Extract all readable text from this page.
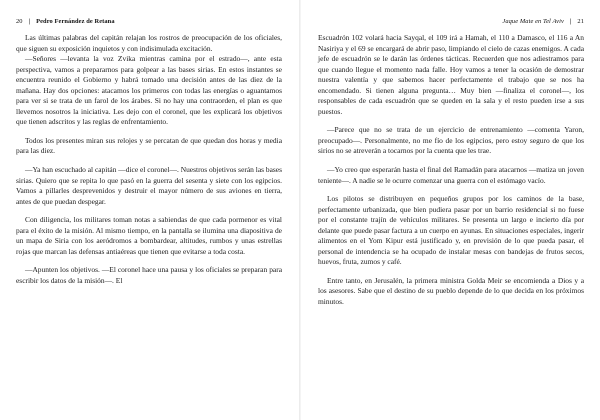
20 | Pedro Fernández de Retana

Las últimas palabras del capitán relajan los rostros de preocupación de los oficiales, que siguen su exposición inquietos y con indisimulada excitación.

—Señores —levanta la voz Zvika mientras camina por el estrado—, ante esta perspectiva, vamos a prepararnos para golpear a las bases sirias. En estos instantes se encuentra reunido el Gobierno y habrá tomado una decisión antes de las diez de la mañana. Hay dos opciones: atacamos los primeros con todas las energías o aguantamos para ver si se trata de un farol de los árabes. Si no hay una contraorden, el plan es que llevemos nosotros la iniciativa. Les dejo con el coronel, que les explicará los objetivos que tienen adscritos y las reglas de enfrentamiento.

Todos los presentes miran sus relojes y se percatan de que quedan dos horas y media para las diez.

—Ya han escuchado al capitán —dice el coronel—. Nuestros objetivos serán las bases sirias. Quiero que se repita lo que pasó en la guerra del sesenta y siete con los egipcios. Vamos a pillarles desprevenidos y destruir el mayor número de sus aviones en tierra, antes de que puedan despegar.

Con diligencia, los militares toman notas a sabiendas de que cada pormenor es vital para el éxito de la misión. Al mismo tiempo, en la pantalla se ilumina una diapositiva de un mapa de Siria con los aeródromos a bombardear, altitudes, rumbos y unas estrellas rojas que marcan las defensas antiaéreas que tienen que evitarse a toda costa.

—Apunten los objetivos. —El coronel hace una pausa y los oficiales se preparan para escribir los datos de la misión—. El

Jaque Mate en Tel Aviv | 21

Escuadrón 102 volará hacia Sayqal, el 109 irá a Hamah, el 110 a Damasco, el 116 a An Nasiriya y el 69 se encargará de abrir paso, limpiando el cielo de cazas enemigos. A cada jefe de escuadrón se le darán las órdenes tácticas. Recuerden que nos adiestramos para que cuando llegue el momento nada falle. Hoy vamos a tener la ocasión de demostrar nuestra valentía y que sabemos hacer perfectamente el trabajo que se nos ha encomendado. Si tienen alguna pregunta… Muy bien —finaliza el coronel—, los responsables de cada escuadrón que se queden en la sala y el resto pueden irse a sus puestos.

—Parece que no se trata de un ejercicio de entrenamiento —comenta Yaron, preocupado—. Personalmente, no me fío de los egipcios, pero estoy seguro de que los sirios no se atreverán a tocarnos por la cuenta que les trae.

—Yo creo que esperarán hasta el final del Ramadán para atacarnos —matiza un joven teniente—. A nadie se le ocurre comenzar una guerra con el estómago vacío.

Los pilotos se distribuyen en pequeños grupos por los caminos de la base, perfectamente urbanizada, que bien pudiera pasar por un barrio residencial si no fuese por el constante trajín de vehículos militares. Se presenta un largo e incierto día por delante que puede pasar factura a un cuerpo en ayunas. En situaciones especiales, ingerir alimentos en el Yom Kipur está justificado y, en previsión de lo que pueda pasar, el personal de intendencia se ha ocupado de instalar mesas con bandejas de frutos secos, huevos, fruta, zumos y café.

Entre tanto, en Jerusalén, la primera ministra Golda Meir se encomienda a Dios y a los asesores. Sabe que el destino de su pueblo depende de lo que decida en los próximos minutos.
